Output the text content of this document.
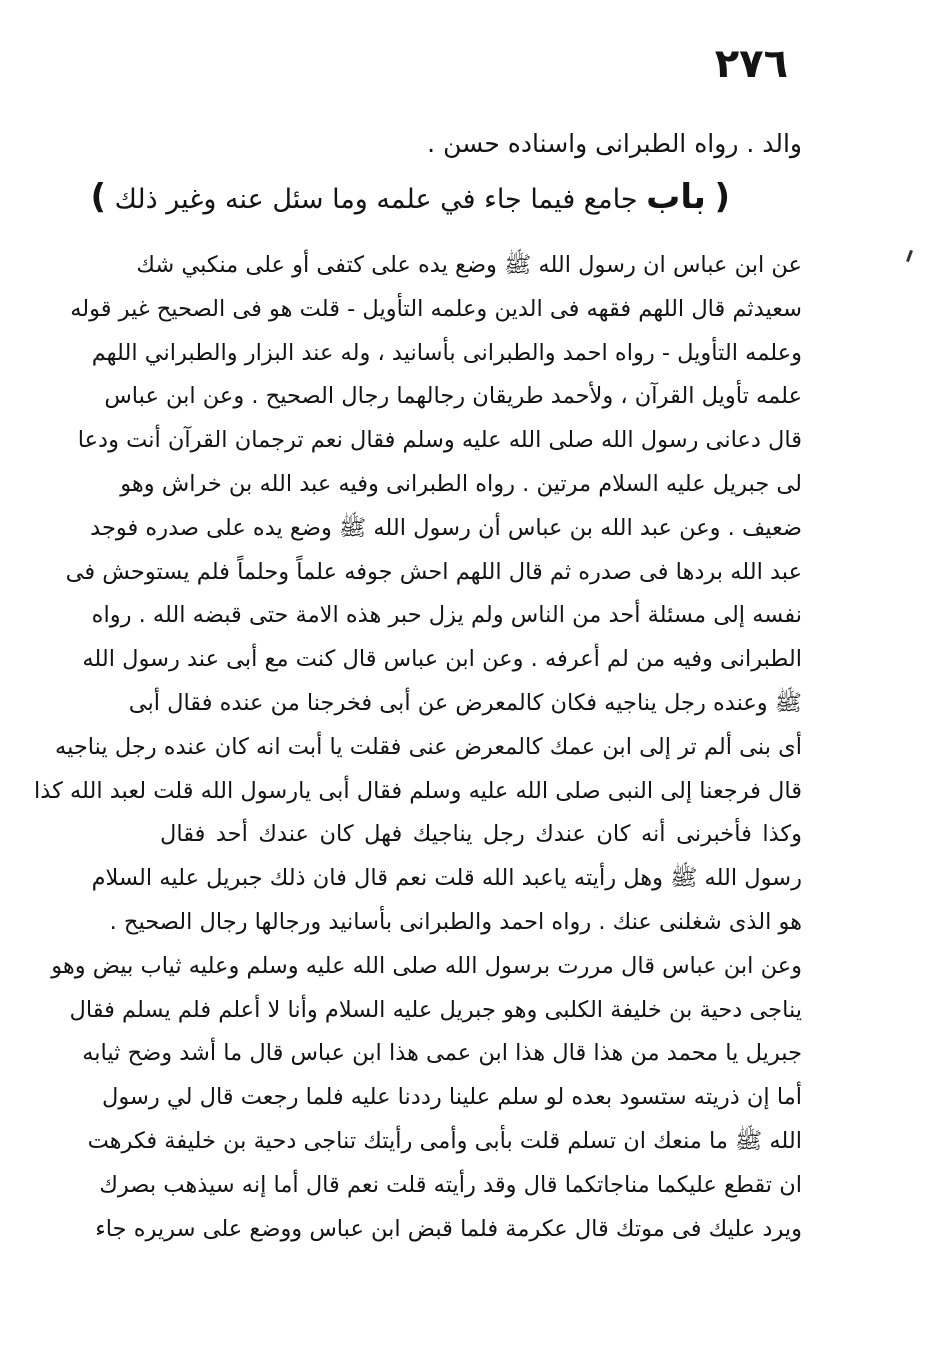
٢٧٦
والد . رواه الطبرانى واسناده حسن .
( باب جامع فيما جاء في علمه وما سئل عنه وغير ذلك )
عن ابن عباس ان رسول الله ﷺ وضع يده على كتفى أو على منكبي شك
سعيدثم قال اللهم فقهه فى الدين وعلمه التأويل - قلت هو فى الصحيح غير قوله
وعلمه التأويل - رواه احمد والطبرانى بأسانيد ، وله عند البزار والطبراني اللهم
علمه تأويل القرآن ، ولأحمد طريقان رجالهما رجال الصحيح . وعن ابن عباس
قال دعانى رسول الله صلى الله عليه وسلم فقال نعم ترجمان القرآن أنت ودعا
لى جبريل عليه السلام مرتين . رواه الطبرانى وفيه عبد الله بن خراش وهو
ضعيف . وعن عبد الله بن عباس أن رسول الله ﷺ وضع يده على صدره فوجد
عبد الله بردها فى صدره ثم قال اللهم احش جوفه علماً وحلماً فلم يستوحش فى
نفسه إلى مسئلة أحد من الناس ولم يزل حبر هذه الامة حتى قبضه الله . رواه
الطبرانى وفيه من لم أعرفه . وعن ابن عباس قال كنت مع أبى عند رسول الله
ﷺ وعنده رجل يناجيه فكان كالمعرض عن أبى فخرجنا من عنده فقال أبى
أى بنى ألم تر إلى ابن عمك كالمعرض عنى فقلت يا أبت انه كان عنده رجل يناجيه
قال فرجعنا إلى النبى صلى الله عليه وسلم فقال أبى يارسول الله قلت لعبد الله كذا
وكذا فأخبرنى أنه كان عندك رجل يناجيك فهل كان عندك أحد فقال
رسول الله ﷺ وهل رأيته ياعبد الله قلت نعم قال فان ذلك جبريل عليه السلام
هو الذى شغلنى عنك . رواه احمد والطبرانى بأسانيد ورجالها رجال الصحيح .
وعن ابن عباس قال مررت برسول الله صلى الله عليه وسلم وعليه ثياب بيض وهو
يناجى دحية بن خليفة الكلبى وهو جبريل عليه السلام وأنا لا أعلم فلم يسلم فقال
جبريل يا محمد من هذا قال هذا ابن عمى هذا ابن عباس قال ما أشد وضح ثيابه
أما إن ذريته ستسود بعده لو سلم علينا رددنا عليه فلما رجعت قال لي رسول
الله ﷺ ما منعك ان تسلم قلت بأبى وأمى رأيتك تناجى دحية بن خليفة فكرهت
ان تقطع عليكما مناجاتكما قال وقد رأيته قلت نعم قال أما إنه سيذهب بصرك
ويرد عليك فى موتك قال عكرمة فلما قبض ابن عباس ووضع على سريره جاء
